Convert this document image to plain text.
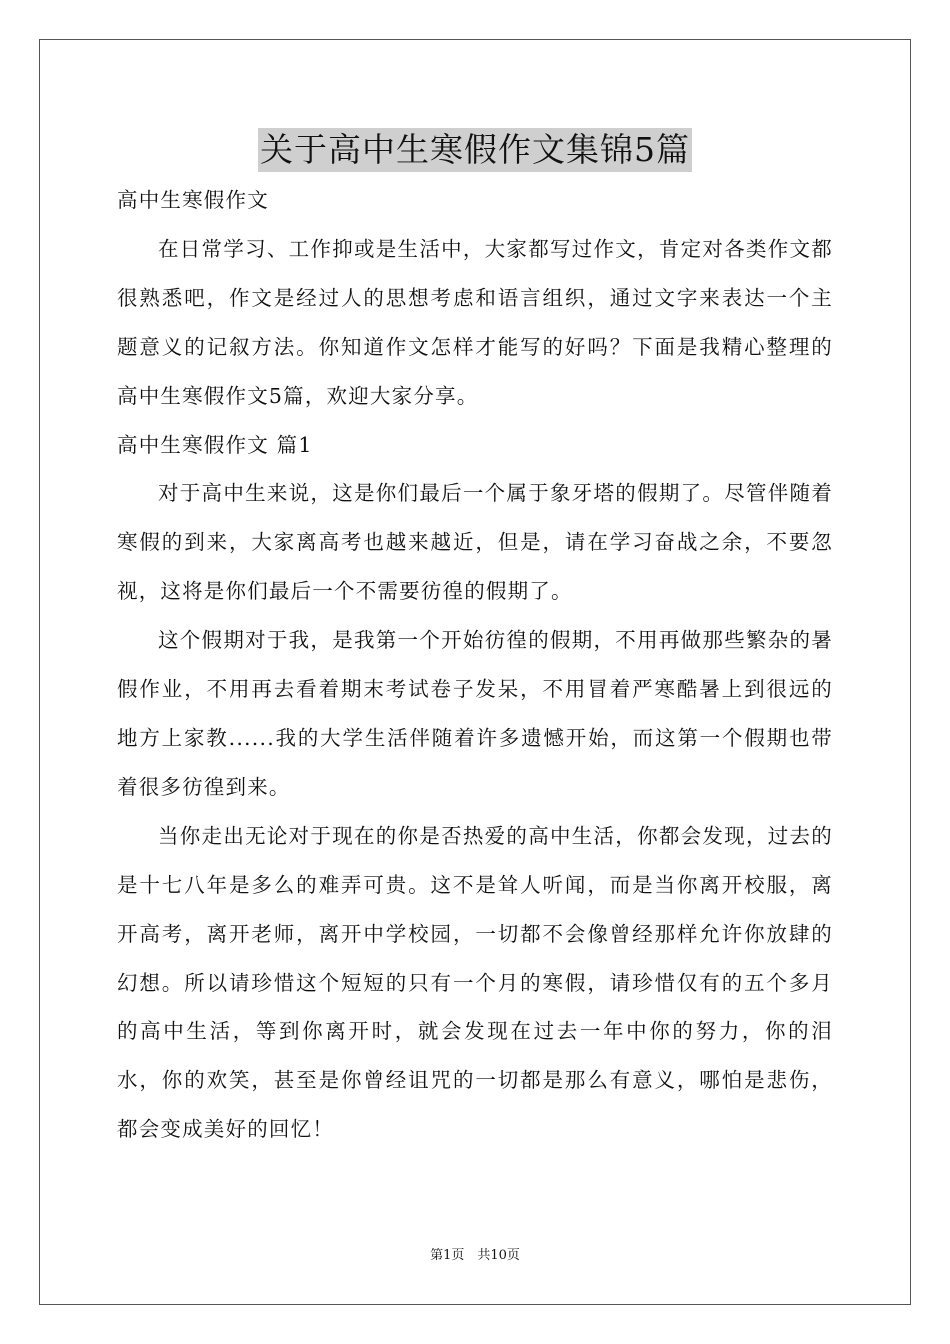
关于高中生寒假作文集锦5篇

高中生寒假作文

在日常学习、工作抑或是生活中，大家都写过作文，肯定对各类作文都很熟悉吧，作文是经过人的思想考虑和语言组织，通过文字来表达一个主题意义的记叙方法。你知道作文怎样才能写的好吗？下面是我精心整理的高中生寒假作文5篇，欢迎大家分享。

高中生寒假作文 篇1

对于高中生来说，这是你们最后一个属于象牙塔的假期了。尽管伴随着寒假的到来，大家离高考也越来越近，但是，请在学习奋战之余，不要忽视，这将是你们最后一个不需要彷徨的假期了。

这个假期对于我，是我第一个开始彷徨的假期，不用再做那些繁杂的暑假作业，不用再去看着期末考试卷子发呆，不用冒着严寒酷暑上到很远的地方上家教......我的大学生活伴随着许多遗憾开始，而这第一个假期也带着很多彷徨到来。

当你走出无论对于现在的你是否热爱的高中生活，你都会发现，过去的是十七八年是多么的难弄可贵。这不是耸人听闻，而是当你离开校服，离开高考，离开老师，离开中学校园，一切都不会像曾经那样允许你放肆的幻想。所以请珍惜这个短短的只有一个月的寒假，请珍惜仅有的五个多月的高中生活，等到你离开时，就会发现在过去一年中你的努力，你的泪水，你的欢笑，甚至是你曾经诅咒的一切都是那么有意义，哪怕是悲伤，都会变成美好的回忆！

第1页　共10页
